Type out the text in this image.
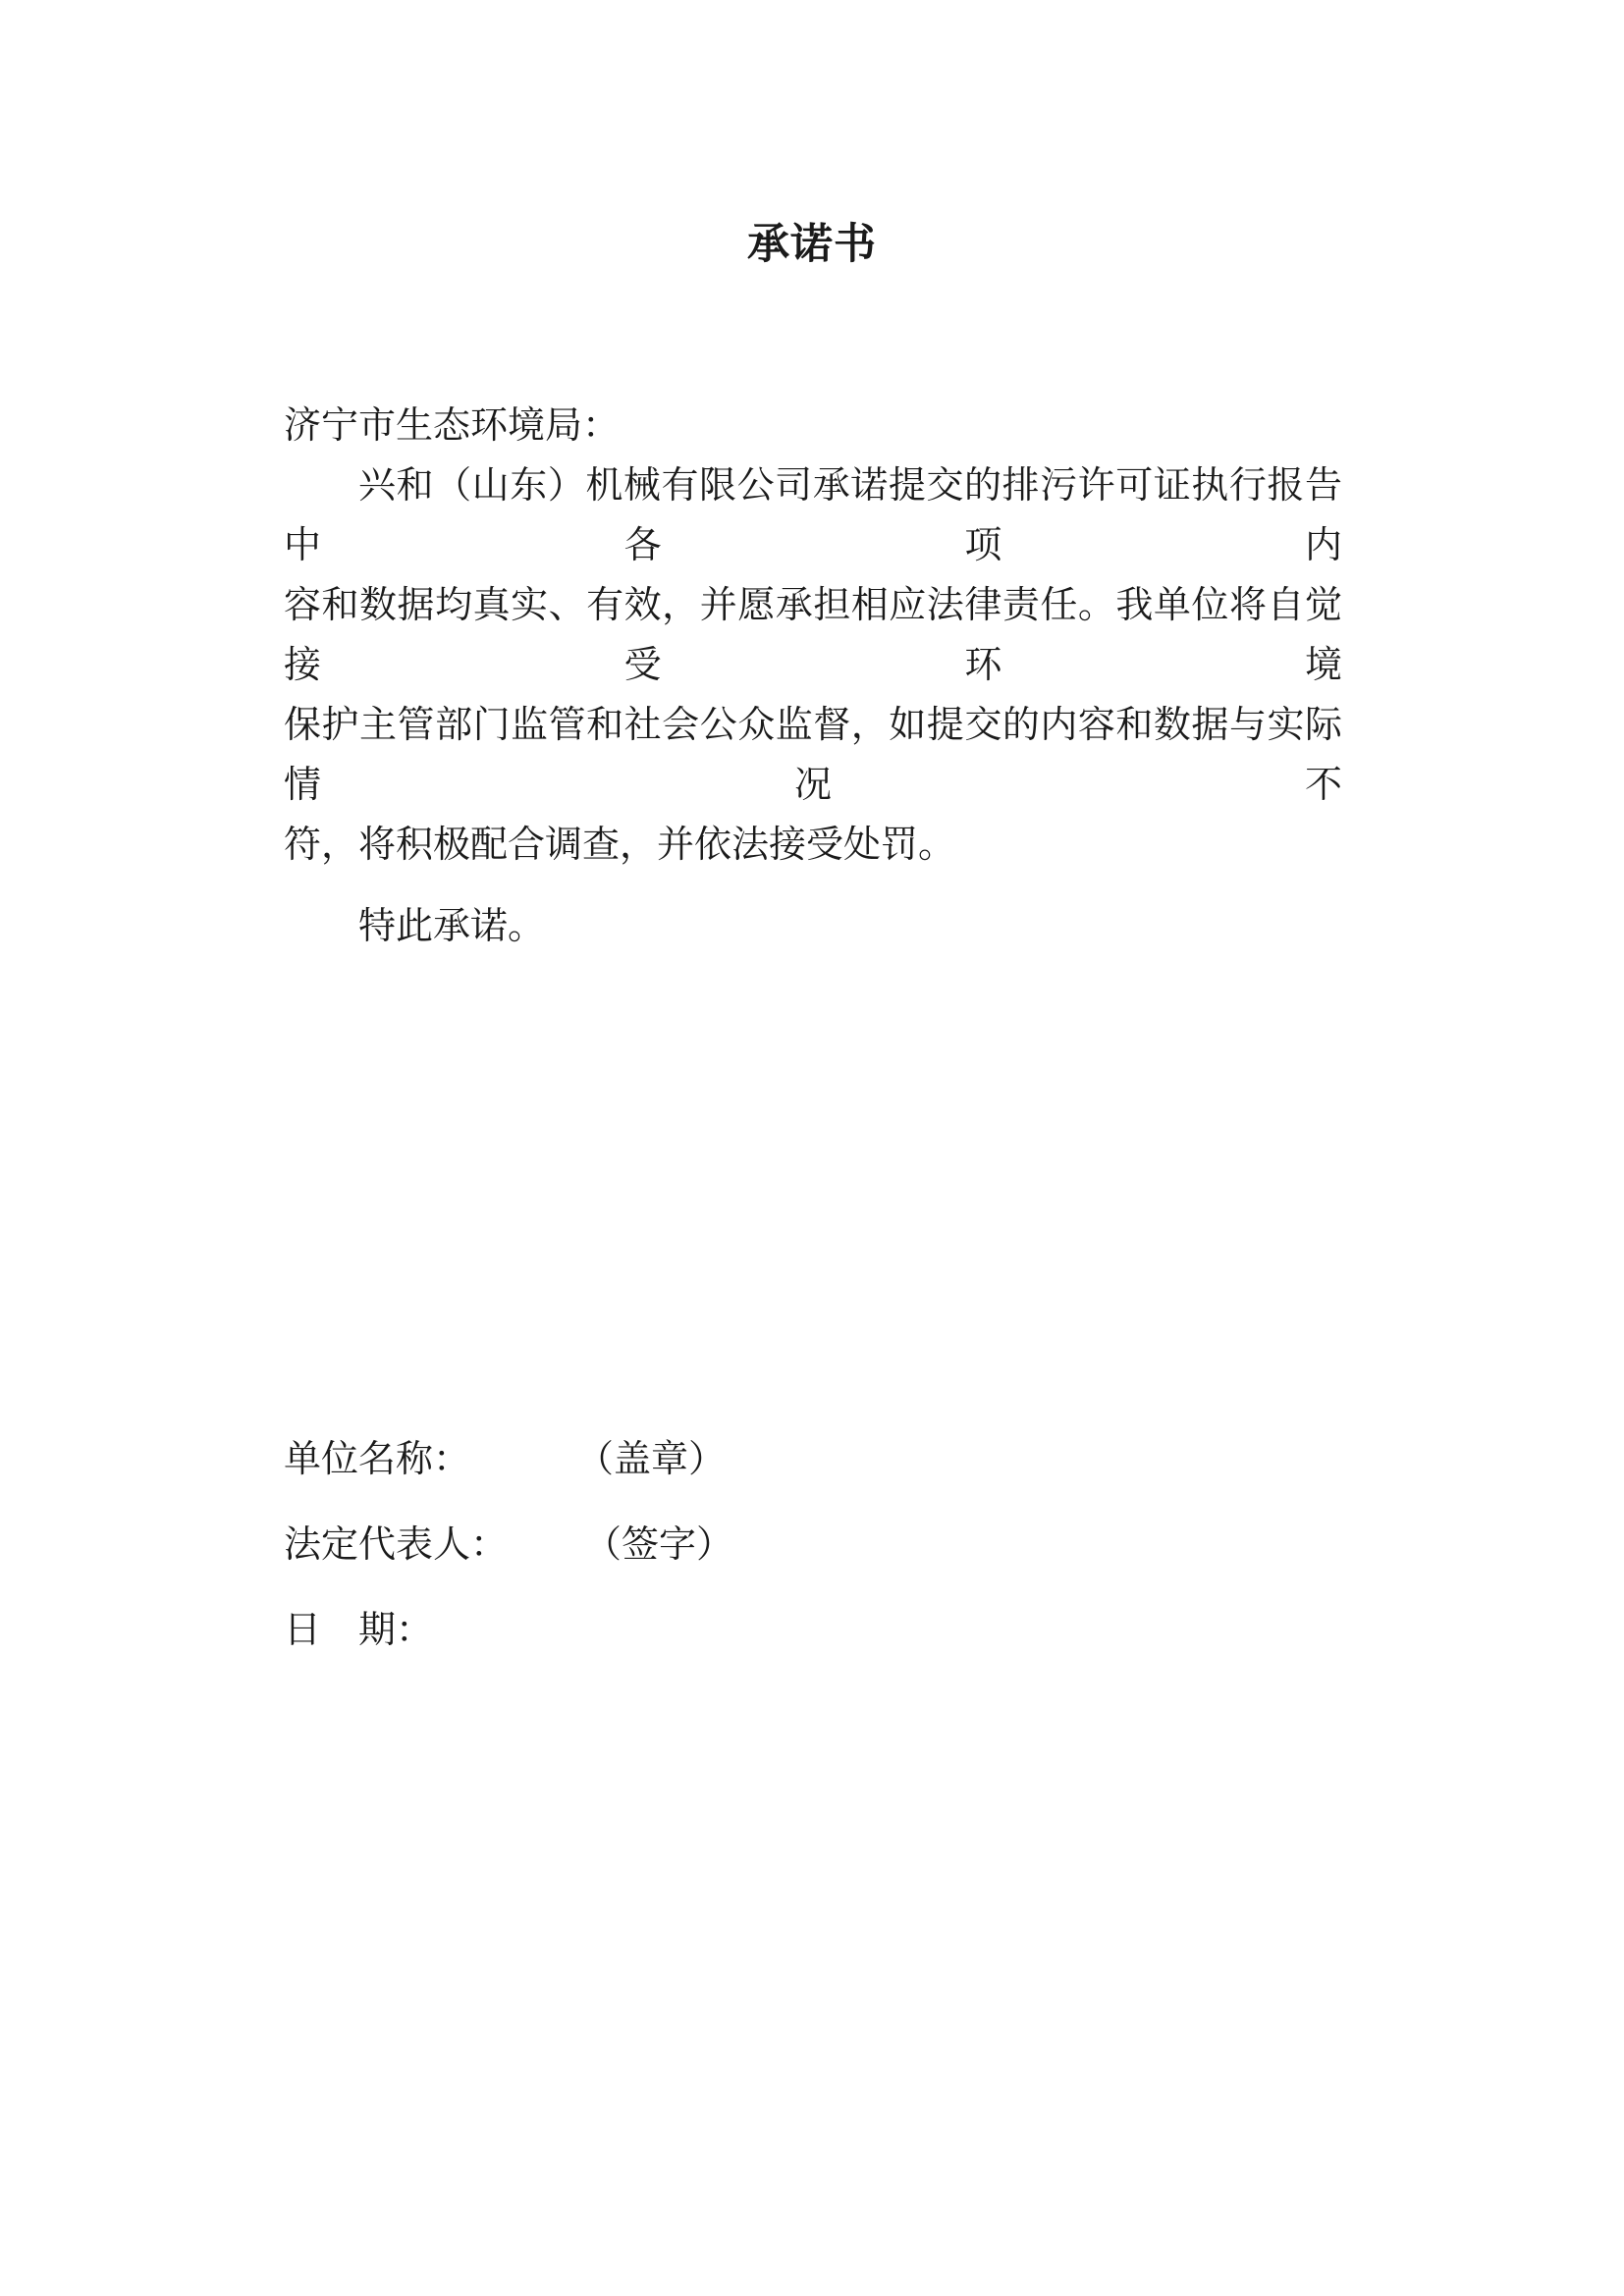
承诺书
济宁市生态环境局：
兴和（山东）机械有限公司承诺提交的排污许可证执行报告中各项内
容和数据均真实、有效，并愿承担相应法律责任。我单位将自觉接受环境
保护主管部门监管和社会公众监督，如提交的内容和数据与实际情况不
符，将积极配合调查，并依法接受处罚。

特此承诺。

单位名称：	（盖章）
法定代表人： （签字）
日　期：
